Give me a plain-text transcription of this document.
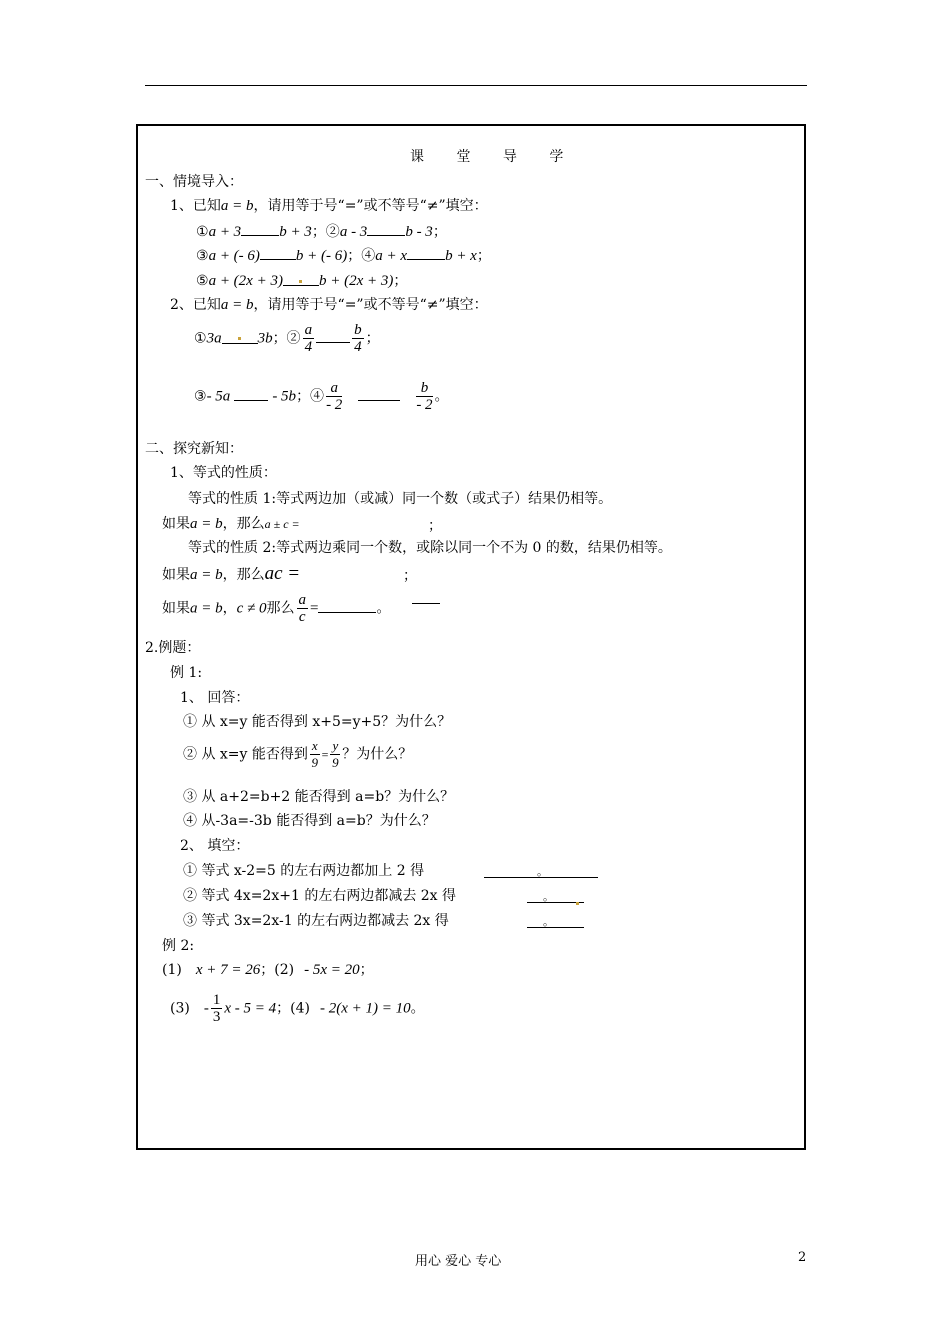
课 堂 导 学
一、情境导入：
1、已知a = b，请用等于号“=”或不等号“≠”填空：
①a + 3	b + 3；②a - 3	b - 3；
③a + (- 6) b + (- 6)；④a + x	b + x；
⑤a + (2x + 3) b + (2x + 3)；
2、已知a = b，请用等于号“=”或不等号“≠”填空：
①3a 3b；② $\frac{a}{4}$	$\frac{b}{4}$ ；
③- 5a	- 5b；④ $\frac{a}{- 2}$	$\frac{b}{- 2}$ 。
二、探究新知：
1、等式的性质：
等式的性质 1:等式两边加（或减）同一个数（或式子）结果仍相等。
如果a = b，那么a ± c =	；
等式的性质 2:等式两边乘同一个数，或除以同一个不为 0 的数，结果仍相等。
如果a = b，那么ac =	；
如果a = b，c ≠ 0那么 $\frac{a}{c}$ =	。
2.例题：
例 1:
1、 回答：
① 从 x=y 能否得到 x+5=y+5？为什么？
② 从 x=y 能否得到 $\frac{x}{9} = \frac{y}{9}$ ？为什么？
③ 从 a+2=b+2 能否得到 a=b？为什么？
④ 从-3a=-3b 能否得到 a=b？为什么？
2、 填空：
① 等式 x-2=5 的左右两边都加上 2 得	。
② 等式 4x=2x+1 的左右两边都减去 2x 得	。
③ 等式 3x=2x-1 的左右两边都减去 2x 得	。
例 2:
(1) x + 7 = 26；(2) - 5x = 20；
$(3) - \frac{1}{3}$ x - 5 = 4；(4) - 2(x + 1) = 10。
用心 爱心 专心	2
